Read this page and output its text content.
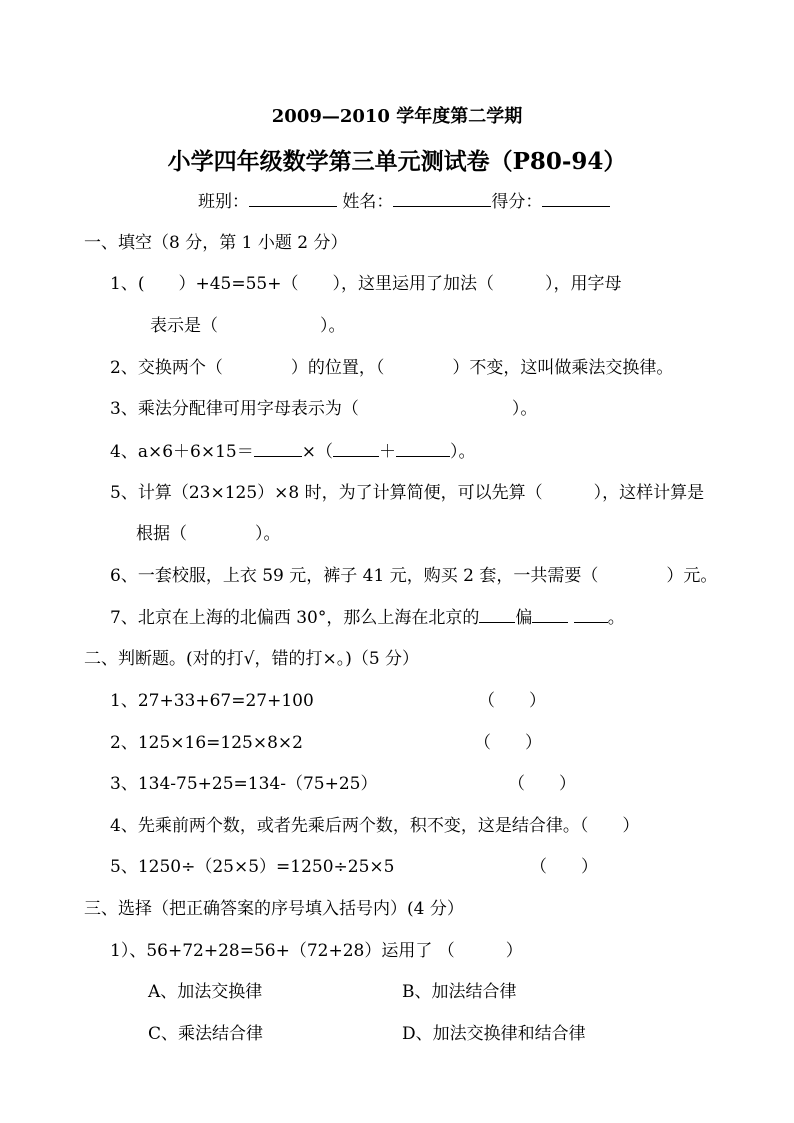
2009—2010 学年度第二学期
小学四年级数学第三单元测试卷（P80-94）
班别：	姓名：	得分：
一、填空（8 分，第 1 小题 2 分）
1、(　　）+45=55+（　　），这里运用了加法（　　　），用字母
表示是（　　　　　　）。
2、交换两个（　　　　）的位置，（　　　　）不变，这叫做乘法交换律。
3、乘法分配律可用字母表示为（　　　　　　　　　）。
4、a×6＋6×15＝	×（	＋	）。
5、计算（23×125）×8 时，为了计算简便，可以先算（　　　），这样计算是
根据（　　　　）。
6、一套校服，上衣 59 元，裤子 41 元，购买 2 套，一共需要（　　　　）元。
7、北京在上海的北偏西 30°，那么上海在北京的 偏	。
二、判断题。(对的打√，错的打×。)（5 分）
1、27+33+67=27+100	（　　）
2、125×16=125×8×2	（　　）
3、134-75+25=134-（75+25）	（　　）
4、先乘前两个数，或者先乘后两个数，积不变，这是结合律。（　　）
5、1250÷（25×5）=1250÷25×5	（　　）
三、选择（把正确答案的序号填入括号内）(4 分）
1）、56+72+28=56+（72+28）运用了 （　　　）
A、加法交换律	B、加法结合律
C、乘法结合律	D、加法交换律和结合律
